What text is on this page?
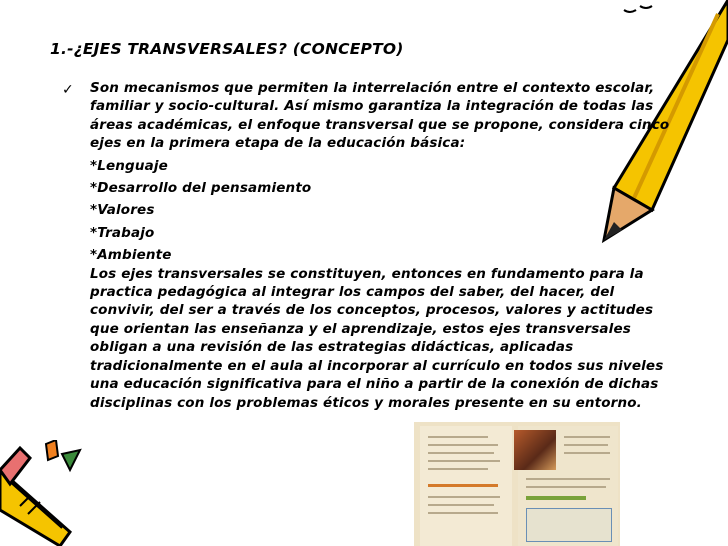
1.-¿EJES TRANSVERSALES? (CONCEPTO)
✓ Son mecanismos que permiten la interrelación entre el contexto escolar, familiar y socio-cultural. Así mismo garantiza la integración de todas las áreas académicas, el enfoque transversal que se propone, considera cinco ejes en la primera etapa de la educación básica:

*Lenguaje

*Desarrollo del pensamiento

*Valores

*Trabajo

*Ambiente

Los ejes transversales se constituyen, entonces en fundamento para la practica pedagógica al integrar los campos del saber, del hacer, del convivir, del ser a través de los conceptos, procesos, valores y actitudes que orientan las enseñanza y el aprendizaje, estos ejes transversales obligan a una revisión de las estrategias didácticas, aplicadas tradicionalmente en el aula al incorporar al currículo en todos sus niveles una educación significativa para el niño a partir de la conexión de dichas disciplinas con los problemas éticos y morales presente en su entorno.
